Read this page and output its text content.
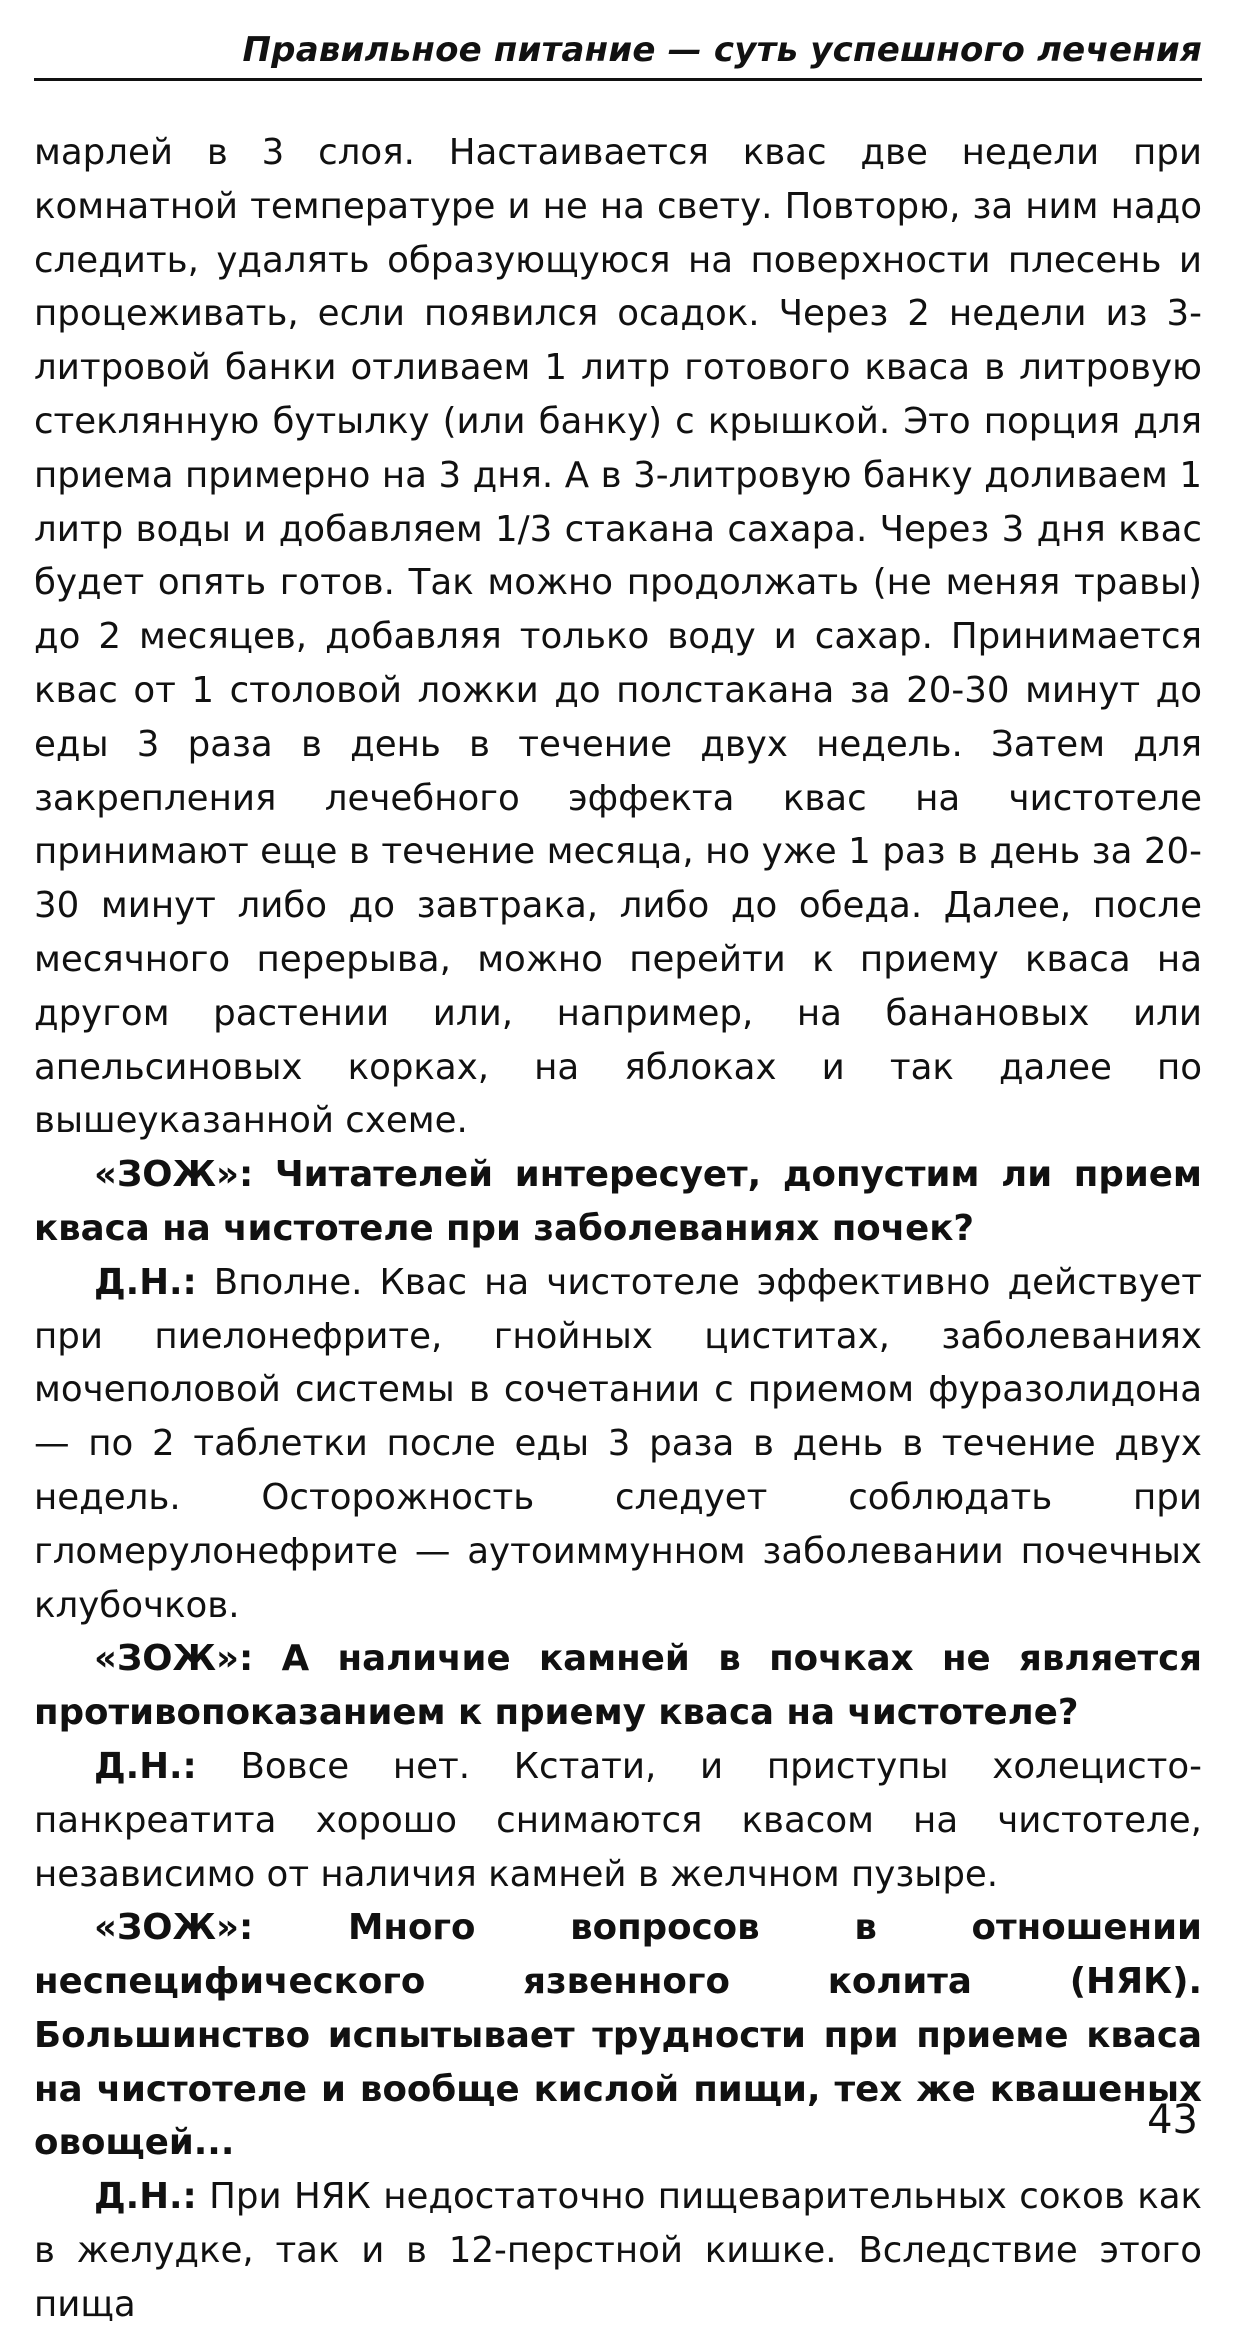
Правильное питание — суть успешного лечения

марлей в 3 слоя. Настаивается квас две недели при комнатной температуре и не на свету. Повторю, за ним надо следить, удалять образующуюся на поверхности плесень и процеживать, если появился осадок. Через 2 недели из 3-литровой банки отливаем 1 литр готового кваса в литровую стеклянную бутылку (или банку) с крышкой. Это порция для приема примерно на 3 дня. А в 3-литровую банку доливаем 1 литр воды и добавляем 1/3 стакана сахара. Через 3 дня квас будет опять готов. Так можно продолжать (не меняя травы) до 2 месяцев, добавляя только воду и сахар. Принимается квас от 1 столовой ложки до полстакана за 20-30 минут до еды 3 раза в день в течение двух недель. Затем для закрепления лечебного эффекта квас на чистотеле принимают еще в течение месяца, но уже 1 раз в день за 20-30 минут либо до завтрака, либо до обеда. Далее, после месячного перерыва, можно перейти к приему кваса на другом растении или, например, на банановых или апельсиновых корках, на яблоках и так далее по вышеуказанной схеме.

«ЗОЖ»: Читателей интересует, допустим ли прием кваса на чистотеле при заболеваниях почек?

Д.Н.: Вполне. Квас на чистотеле эффективно действует при пиелонефрите, гнойных циститах, заболеваниях мочеполовой системы в сочетании с приемом фуразолидона — по 2 таблетки после еды 3 раза в день в течение двух недель. Осторожность следует соблюдать при гломерулонефрите — аутоиммунном заболевании почечных клубочков.

«ЗОЖ»: А наличие камней в почках не является противопоказанием к приему кваса на чистотеле?

Д.Н.: Вовсе нет. Кстати, и приступы холецисто-панкреатита хорошо снимаются квасом на чистотеле, независимо от наличия камней в желчном пузыре.

«ЗОЖ»: Много вопросов в отношении неспецифического язвенного колита (НЯК). Большинство испытывает трудности при приеме кваса на чистотеле и вообще кислой пищи, тех же квашеных овощей...

Д.Н.: При НЯК недостаточно пищеварительных соков как в желудке, так и в 12-перстной кишке. Вследствие этого пища

43
